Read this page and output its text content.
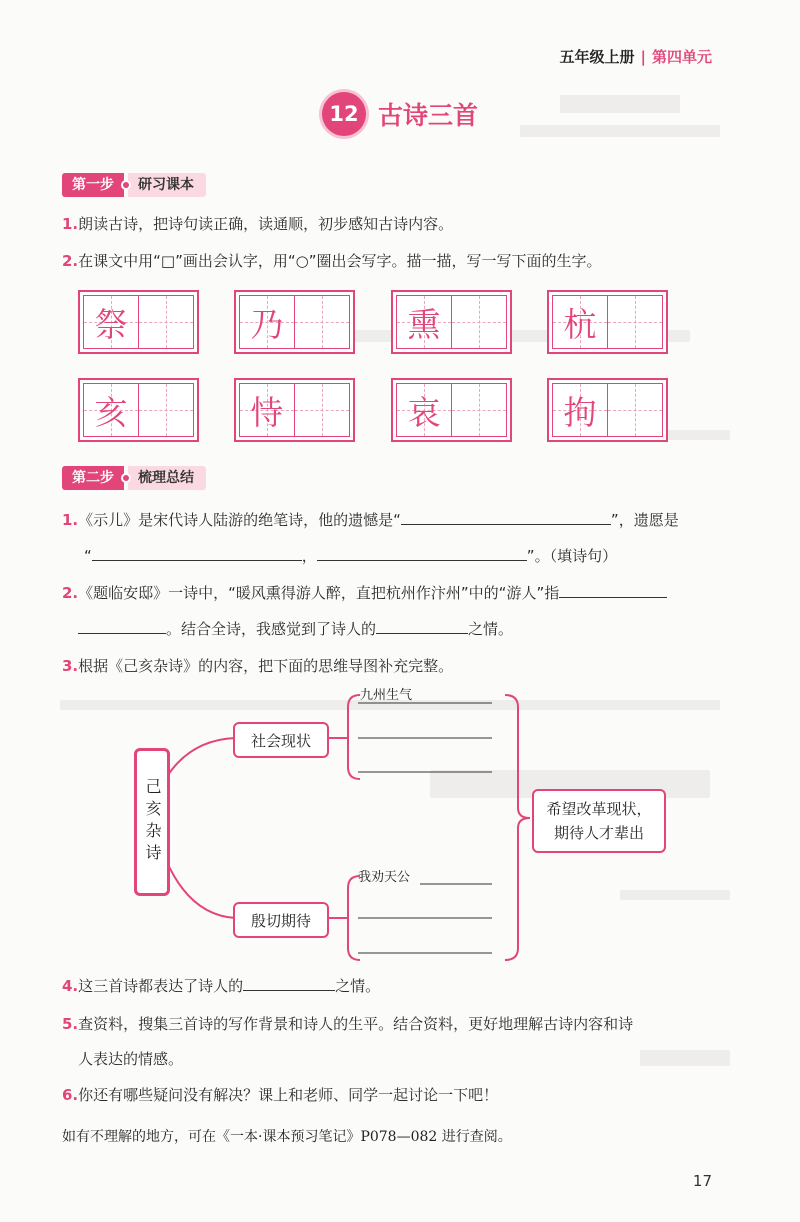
五年级上册 | 第四单元
12 古诗三首
第一步	研习课本
1.朗读古诗，把诗句读正确，读通顺，初步感知古诗内容。
2.在课文中用“□”画出会认字，用“○”圈出会写字。描一描，写一写下面的生字。
祭	乃	熏	杭
亥	恃	哀	拘
第二步	梳理总结
1.《示儿》是宋代诗人陆游的绝笔诗，他的遗憾是“	”，遗愿是
“	，	”。（填诗句）
2.《题临安邸》一诗中，“暖风熏得游人醉，直把杭州作汴州”中的“游人”指
。结合全诗，我感觉到了诗人的	之情。
3.根据《己亥杂诗》的内容，把下面的思维导图补充完整。
己亥杂诗
社会现状
殷切期待
希望改革现状，
期待人才辈出
九州生气
我劝天公
4.这三首诗都表达了诗人的	之情。
5.查资料，搜集三首诗的写作背景和诗人的生平。结合资料，更好地理解古诗内容和诗
人表达的情感。
6.你还有哪些疑问没有解决？课上和老师、同学一起讨论一下吧！
如有不理解的地方，可在《一本·课本预习笔记》P078—082 进行查阅。
17
